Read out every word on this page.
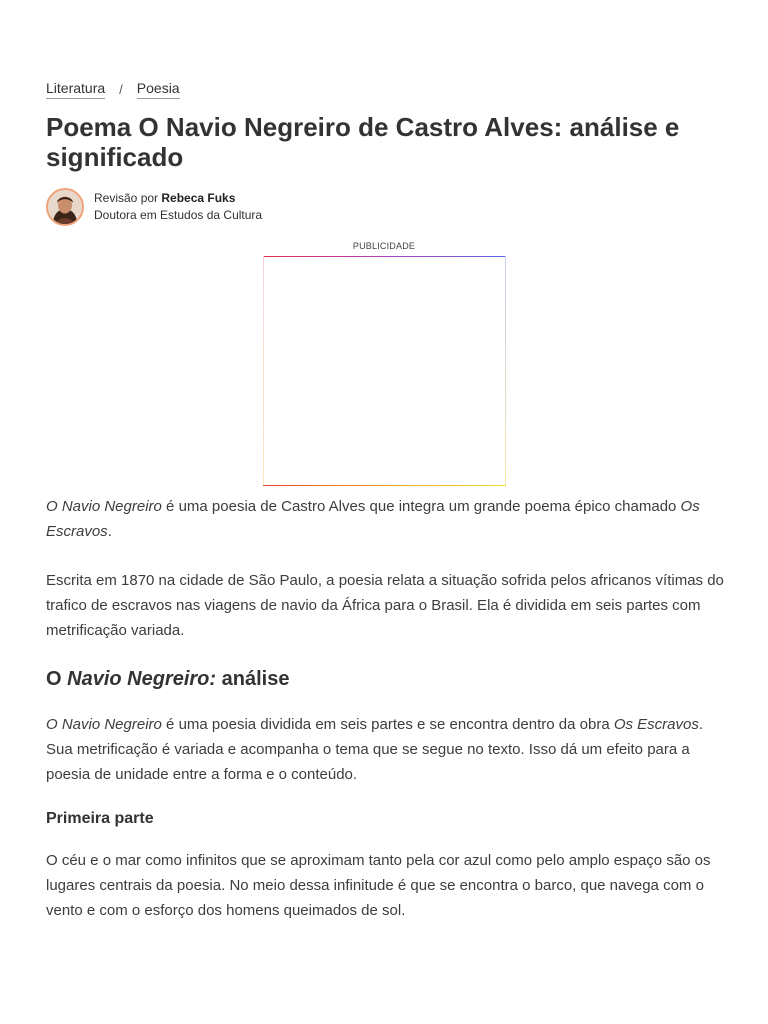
Literatura / Poesia
Poema O Navio Negreiro de Castro Alves: análise e significado
Revisão por Rebeca Fuks
Doutora em Estudos da Cultura
PUBLICIDADE

O Navio Negreiro é uma poesia de Castro Alves que integra um grande poema épico chamado Os Escravos.

Escrita em 1870 na cidade de São Paulo, a poesia relata a situação sofrida pelos africanos vítimas do trafico de escravos nas viagens de navio da África para o Brasil. Ela é dividida em seis partes com metrificação variada.

O Navio Negreiro: análise

O Navio Negreiro é uma poesia dividida em seis partes e se encontra dentro da obra Os Escravos. Sua metrificação é variada e acompanha o tema que se segue no texto. Isso dá um efeito para a poesia de unidade entre a forma e o conteúdo.

Primeira parte

O céu e o mar como infinitos que se aproximam tanto pela cor azul como pelo amplo espaço são os lugares centrais da poesia. No meio dessa infinitude é que se encontra o barco, que navega com o vento e com o esforço dos homens queimados de sol.
